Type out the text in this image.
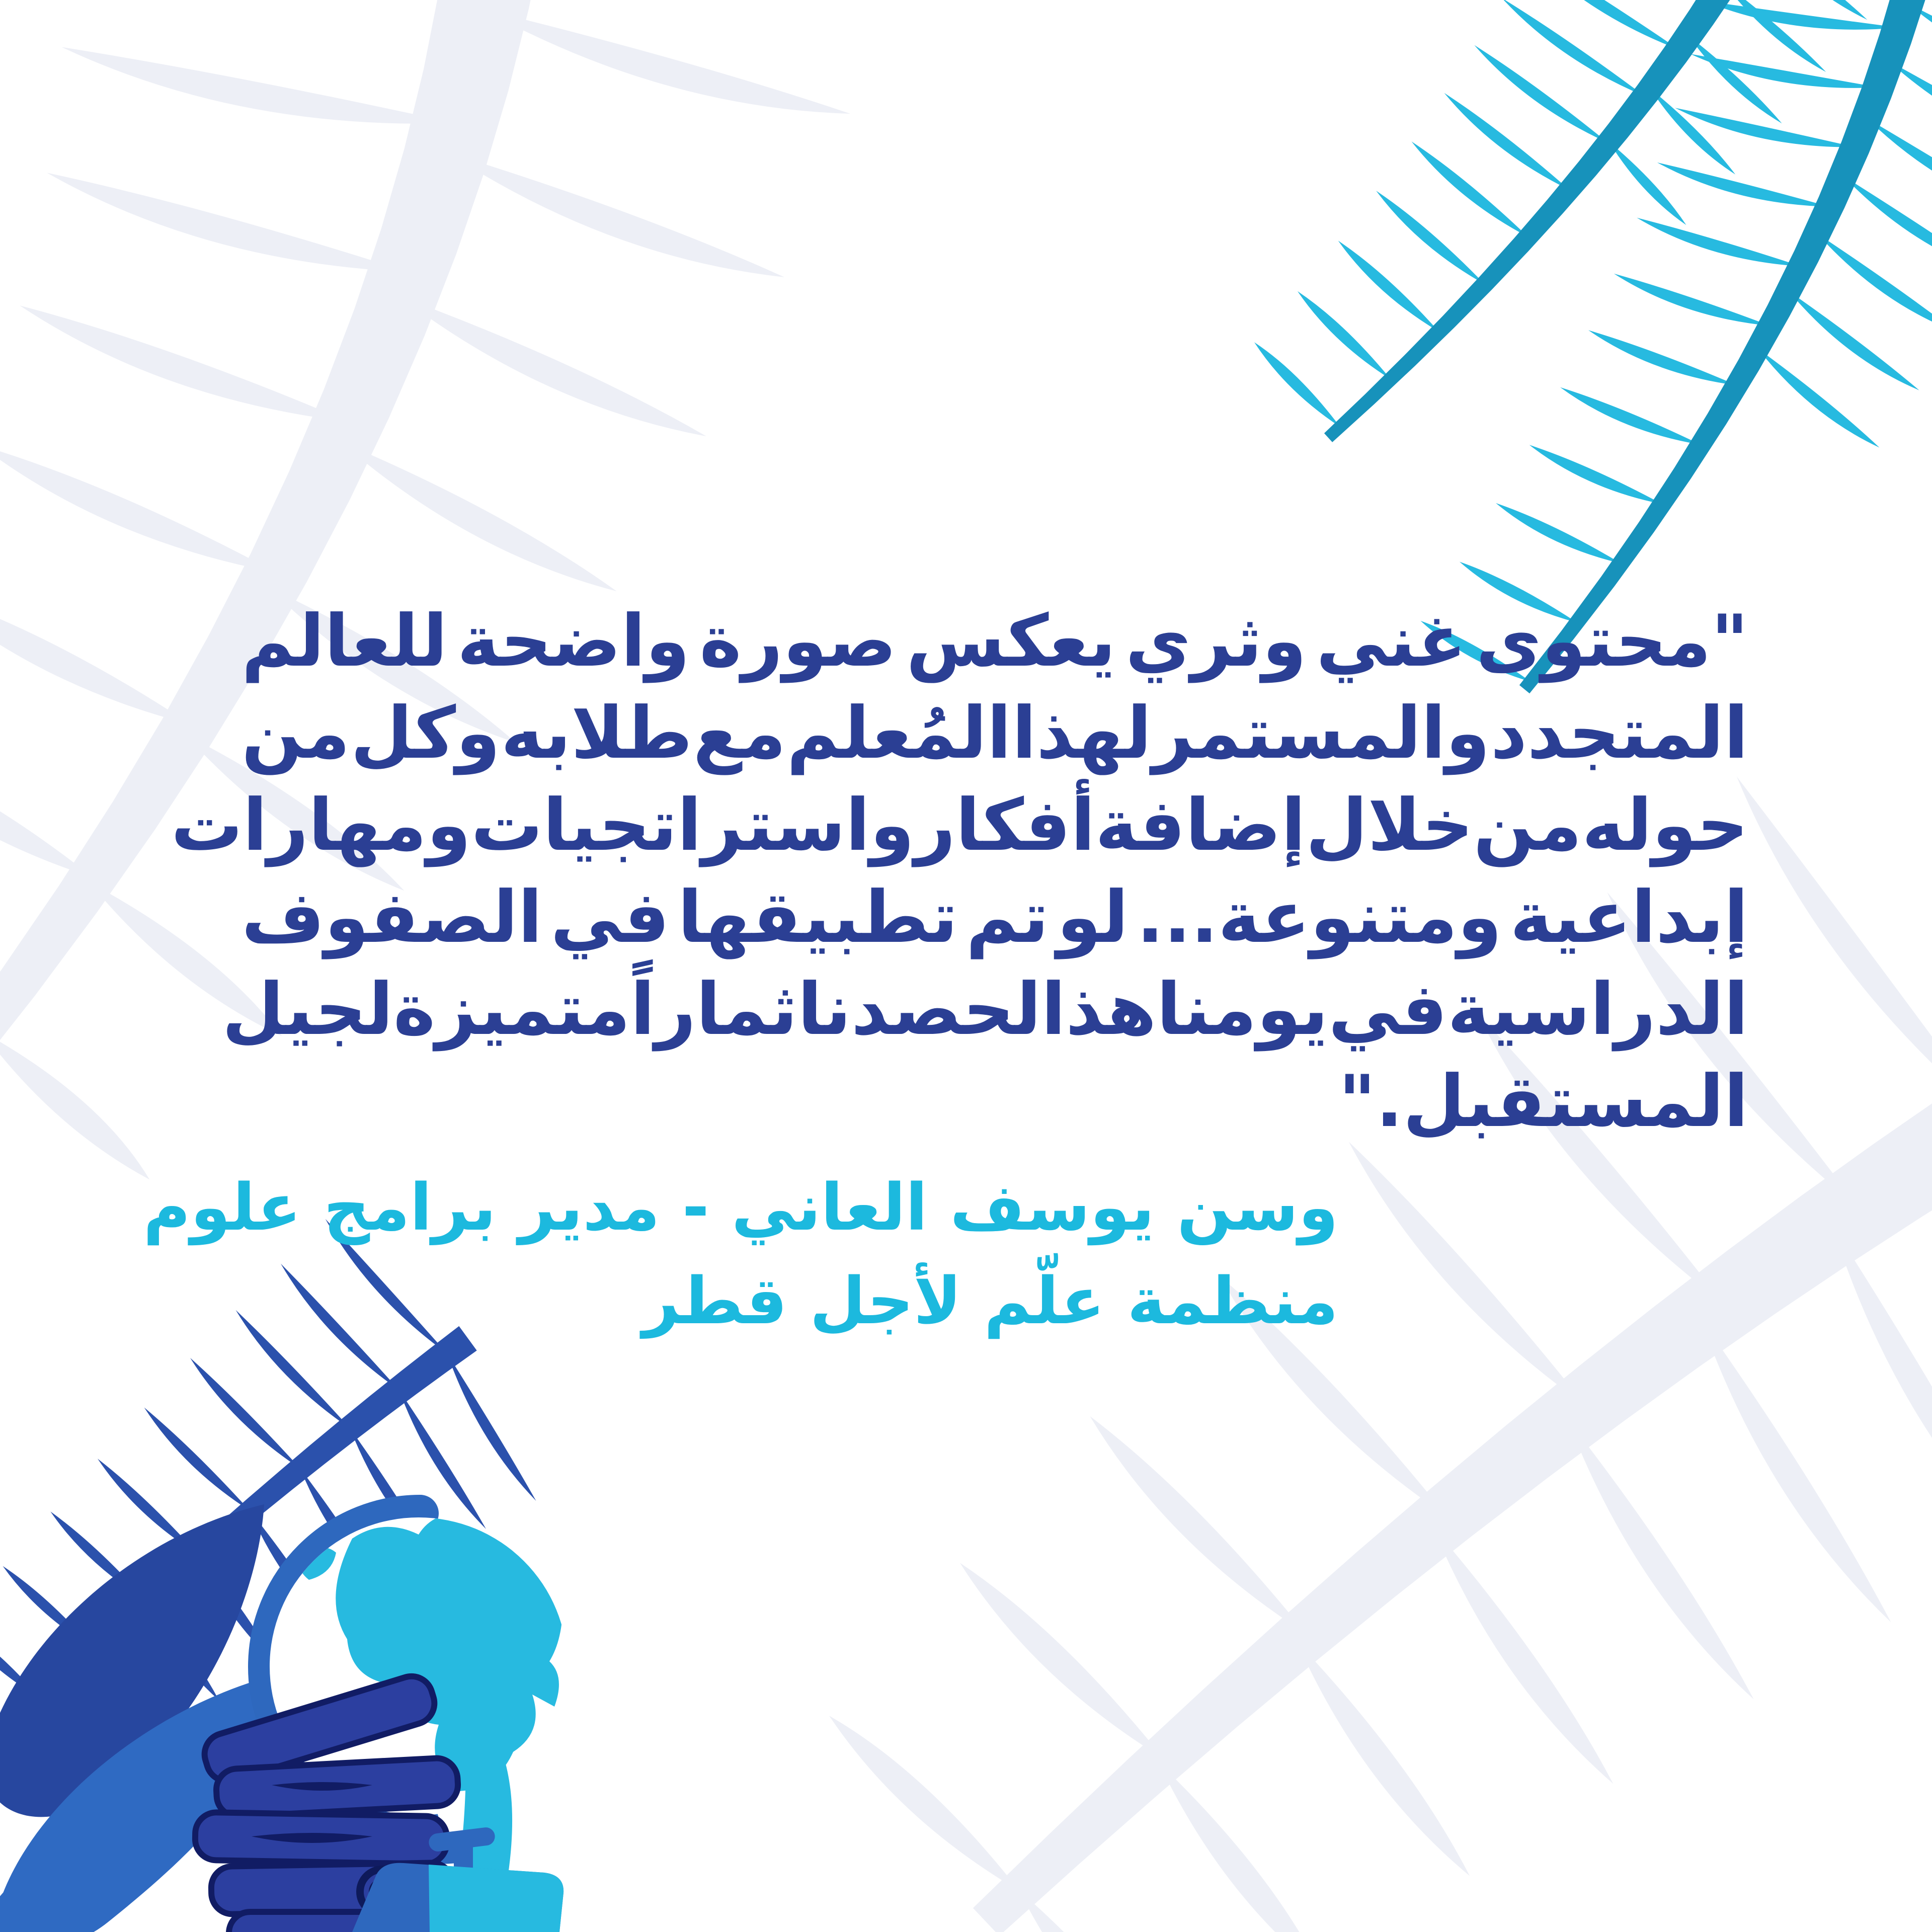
"محتوى
غني
وثري
يعكس
صورة
واضحة
للعالم
المتجدد
والمستمر
لهذا
المُعلم
مع
طلابه
وكل
من
حوله
من
خلال
إضافة
أفكار
واستراتجيات
ومهارات
إبداعية
ومتنوعة...
لو
تم
تطبيقها
في
الصفوف
الدراسية
في
يومنا
هذا
لحصدنا
ثماراً
متميزة
لجيل
المستقبل."
وسن يوسف العاني - مدير برامج علوم
منظمة علّم لأجل قطر
